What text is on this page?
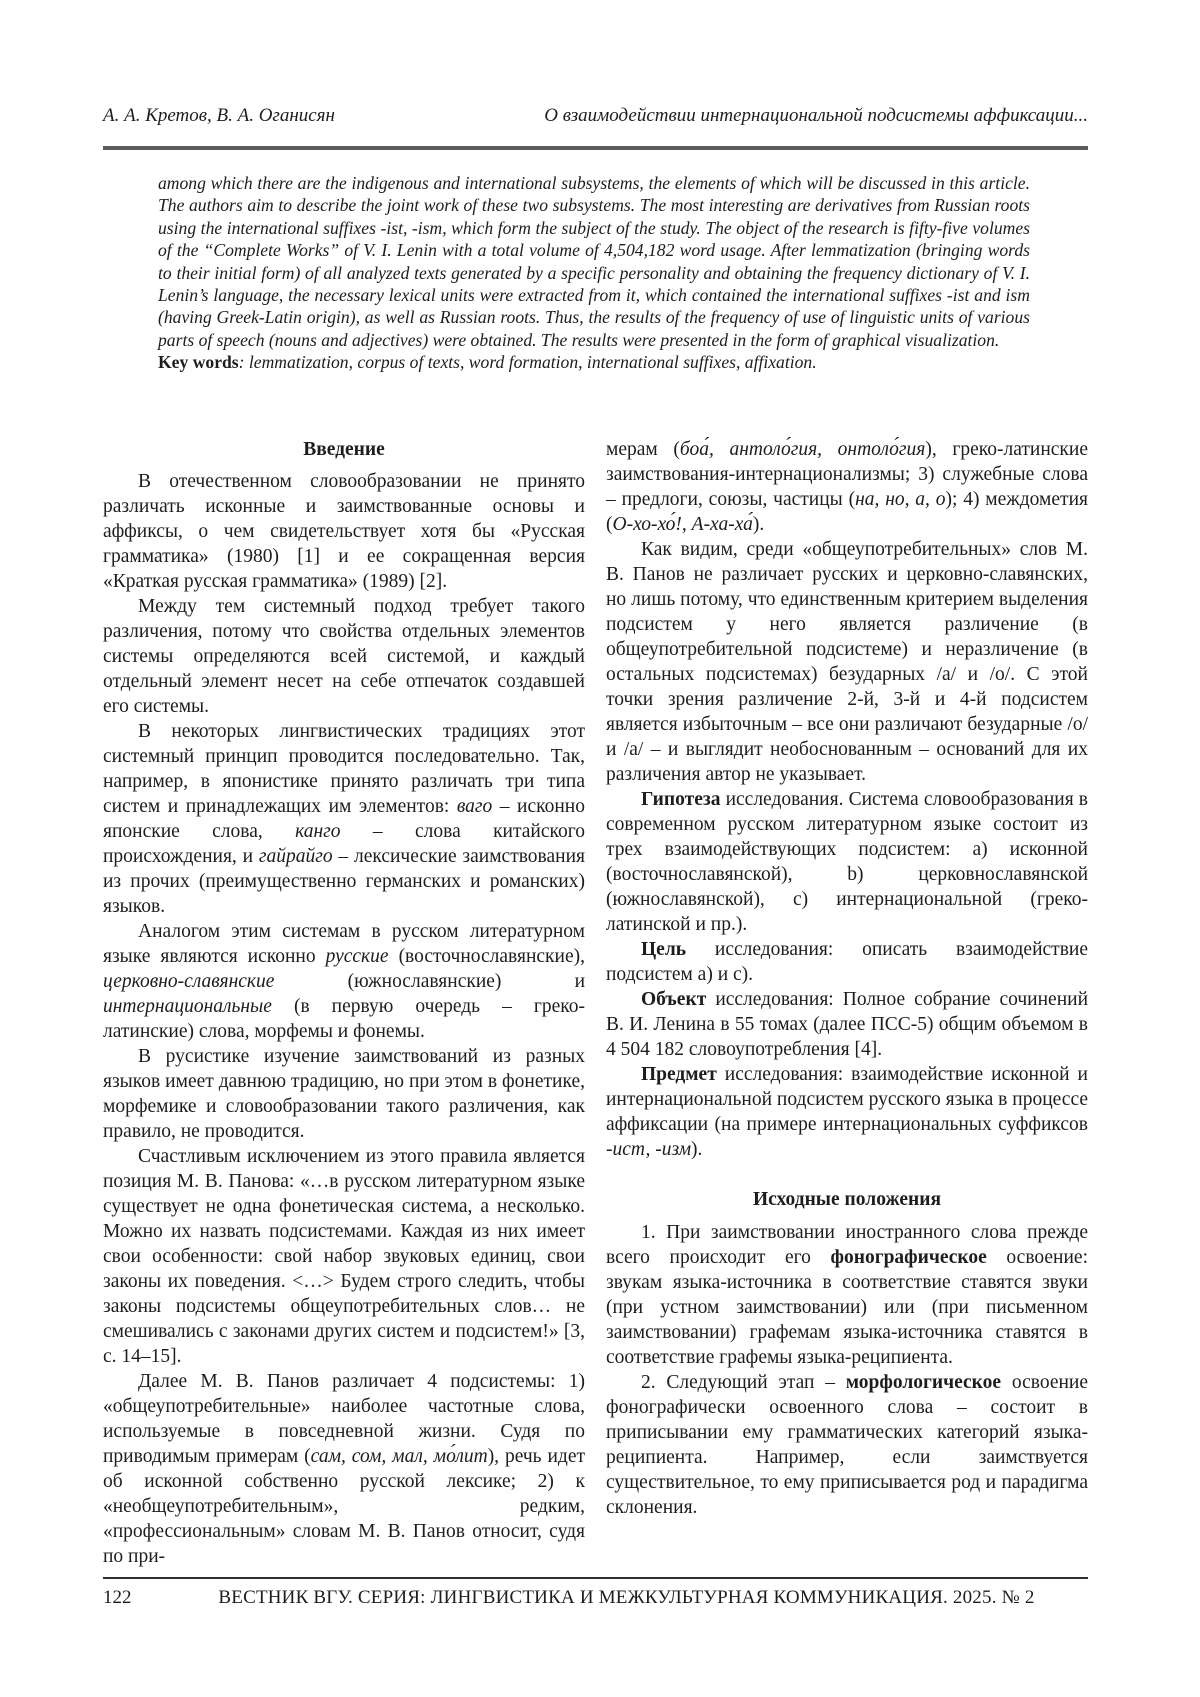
А. А. Кретов, В. А. Оганисян	О взаимодействии интернациональной подсистемы аффиксации...
among which there are the indigenous and international subsystems, the elements of which will be discussed in this article. The authors aim to describe the joint work of these two subsystems. The most interesting are derivatives from Russian roots using the international suffixes -ist, -ism, which form the subject of the study. The object of the research is fifty-five volumes of the “Complete Works” of V. I. Lenin with a total volume of 4,504,182 word usage. After lemmatization (bringing words to their initial form) of all analyzed texts generated by a specific personality and obtaining the frequency dictionary of V. I. Lenin’s language, the necessary lexical units were extracted from it, which contained the international suffixes -ist and ism (having Greek-Latin origin), as well as Russian roots. Thus, the results of the frequency of use of linguistic units of various parts of speech (nouns and adjectives) were obtained. The results were presented in the form of graphical visualization.
Key words: lemmatization, corpus of texts, word formation, international suffixes, affixation.
Введение
В отечественном словообразовании не принято различать исконные и заимствованные основы и аффиксы, о чем свидетельствует хотя бы «Русская грамматика» (1980) [1] и ее сокращенная версия «Краткая русская грамматика» (1989) [2].
Между тем системный подход требует такого различения, потому что свойства отдельных элементов системы определяются всей системой, и каждый отдельный элемент несет на себе отпечаток создавшей его системы.
В некоторых лингвистических традициях этот системный принцип проводится последовательно. Так, например, в японистике принято различать три типа систем и принадлежащих им элементов: ваго – исконно японские слова, канго – слова китайского происхождения, и гайрайго – лексические заимствования из прочих (преимущественно германских и романских) языков.
Аналогом этим системам в русском литературном языке являются исконно русские (восточнославянские), церковно-славянские (южнославянские) и интернациональные (в первую очередь – греко-латинские) слова, морфемы и фонемы.
В русистике изучение заимствований из разных языков имеет давнюю традицию, но при этом в фонетике, морфемике и словообразовании такого различения, как правило, не проводится.
Счастливым исключением из этого правила является позиция М. В. Панова: «…в русском литературном языке существует не одна фонетическая система, а несколько. Можно их назвать подсистемами. Каждая из них имеет свои особенности: свой набор звуковых единиц, свои законы их поведения. <…> Будем строго следить, чтобы законы подсистемы общеупотребительных слов… не смешивались с законами других систем и подсистем!» [3, с. 14–15].
Далее М. В. Панов различает 4 подсистемы: 1) «общеупотребительные» наиболее частотные слова, используемые в повседневной жизни. Судя по приводимым примерам (сам, сом, мал, мо́лит), речь идет об исконной собственно русской лексике; 2) к «необщеупотребительным», редким, «профессиональным» словам М. В. Панов относит, судя по при-
мерам (боа́, антоло́гия, онтоло́гия), греко-латинские заимствования-интернационализмы; 3) служебные слова – предлоги, союзы, частицы (на, но, а, о); 4) междометия (О-хо-хо́!, А-ха-ха́).
Как видим, среди «общеупотребительных» слов М. В. Панов не различает русских и церковно-славянских, но лишь потому, что единственным критерием выделения подсистем у него является различение (в общеупотребительной подсистеме) и неразличение (в остальных подсистемах) безударных /а/ и /о/. С этой точки зрения различение 2-й, 3-й и 4-й подсистем является избыточным – все они различают безударные /о/ и /а/ – и выглядит необоснованным – оснований для их различения автор не указывает.
Гипотеза исследования. Система словообразования в современном русском литературном языке состоит из трех взаимодействующих подсистем: а) исконной (восточнославянской), b) церковнославянской (южнославянской), c) интернациональной (греко-латинской и пр.).
Цель исследования: описать взаимодействие подсистем а) и с).
Объект исследования: Полное собрание сочинений В. И. Ленина в 55 томах (далее ПСС-5) общим объемом в 4 504 182 словоупотребления [4].
Предмет исследования: взаимодействие исконной и интернациональной подсистем русского языка в процессе аффиксации (на примере интернациональных суффиксов -ист, -изм).
Исходные положения
1. При заимствовании иностранного слова прежде всего происходит его фонографическое освоение: звукам языка-источника в соответствие ставятся звуки (при устном заимствовании) или (при письменном заимствовании) графемам языка-источника ставятся в соответствие графемы языка-реципиента.
2. Следующий этап – морфологическое освоение фонографически освоенного слова – состоит в приписывании ему грамматических категорий языка-реципиента. Например, если заимствуется существительное, то ему приписывается род и парадигма склонения.
122	ВЕСТНИК ВГУ. СЕРИЯ: ЛИНГВИСТИКА И МЕЖКУЛЬТУРНАЯ КОММУНИКАЦИЯ. 2025. № 2
